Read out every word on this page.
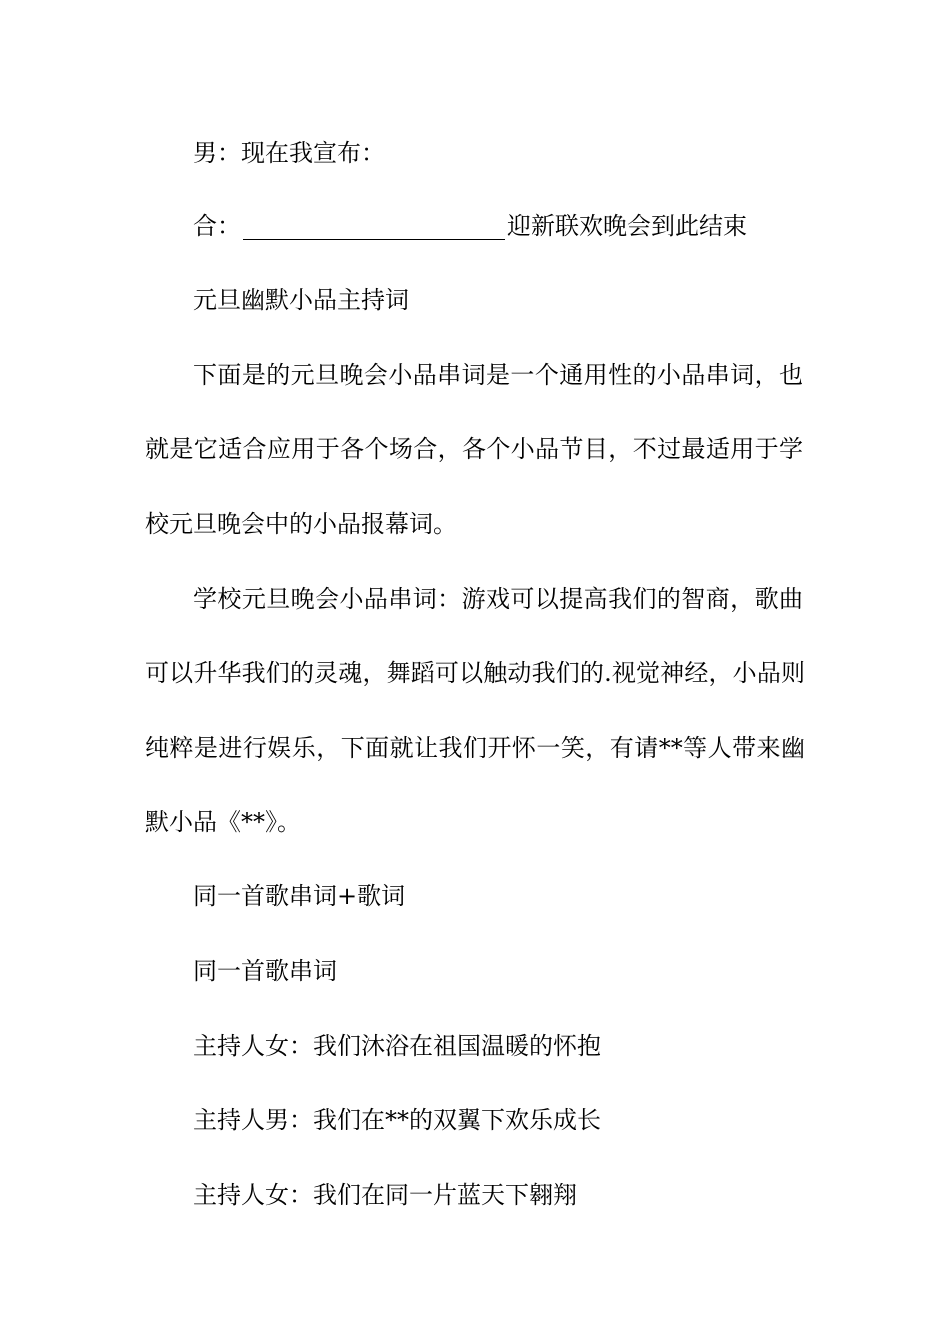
男：现在我宣布：
合：	迎新联欢晚会到此结束
元旦幽默小品主持词
下面是的元旦晚会小品串词是一个通用性的小品串词，也
就是它适合应用于各个场合，各个小品节目，不过最适用于学
校元旦晚会中的小品报幕词。
学校元旦晚会小品串词：游戏可以提高我们的智商，歌曲
可以升华我们的灵魂，舞蹈可以触动我们的.视觉神经，小品则
纯粹是进行娱乐，下面就让我们开怀一笑，有请**等人带来幽
默小品《**》。
同一首歌串词+歌词
同一首歌串词
主持人女：我们沐浴在祖国温暖的怀抱
主持人男：我们在**的双翼下欢乐成长
主持人女：我们在同一片蓝天下翱翔
